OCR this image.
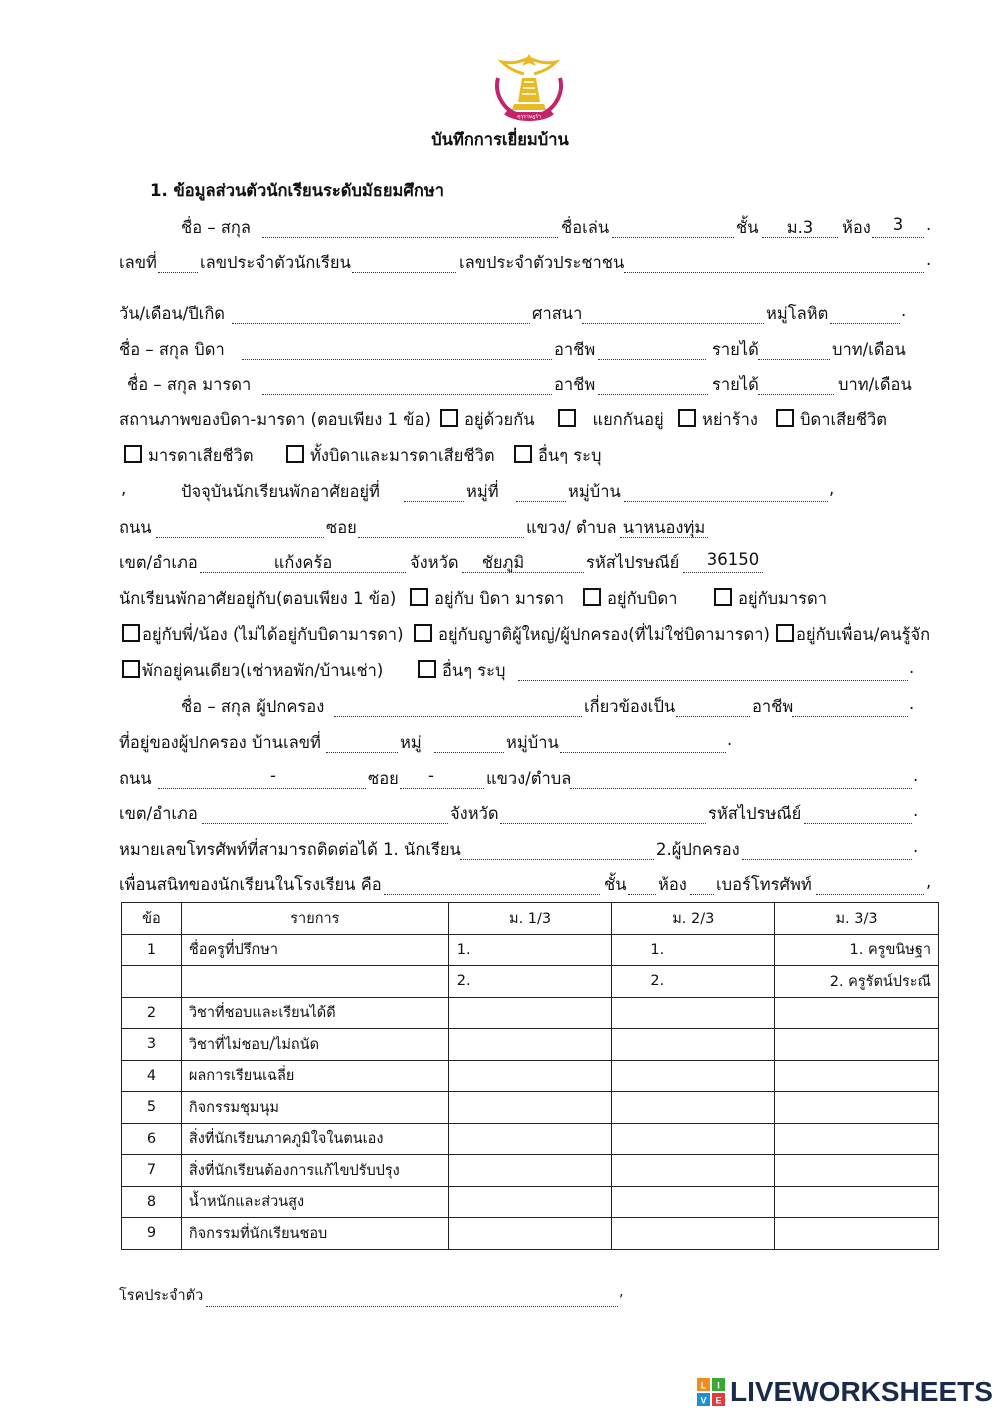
คุรุราษฎร์ฯ
บันทึกการเยี่ยมบ้าน
1. ข้อมูลส่วนตัวนักเรียนระดับมัธยมศึกษา
ชื่อ – สกุล	ชื่อเล่น	ชั้น	ม.3	ห้อง	3	.
เลขที่	เลขประจำตัวนักเรียน	เลขประจำตัวประชาชน	.
วัน/เดือน/ปีเกิด	ศาสนา	หมู่โลหิต	.
ชื่อ – สกุล บิดา	อาชีพ	รายได้	บาท/เดือน
ชื่อ – สกุล มารดา	อาชีพ	รายได้	บาท/เดือน
สถานภาพของบิดา-มารดา (ตอบเพียง 1 ข้อ)	อยู่ด้วยกัน	แยกกันอยู่	หย่าร้าง	บิดาเสียชีวิต
มารดาเสียชีวิต	ทั้งบิดาและมารดาเสียชีวิต	อื่นๆ ระบุ
,	ปัจจุบันนักเรียนพักอาศัยอยู่ที่	หมู่ที่	หมู่บ้าน	,
ถนน	ซอย	แขวง/ ตำบล นาหนองทุ่ม
เขต/อำเภอ	แก้งคร้อ	จังหวัด	ชัยภูมิ	รหัสไปรษณีย์	36150
นักเรียนพักอาศัยอยู่กับ(ตอบเพียง 1 ข้อ)	อยู่กับ บิดา มารดา	อยู่กับบิดา	อยู่กับมารดา
อยู่กับพี่/น้อง (ไม่ได้อยู่กับบิดามารดา)	อยู่กับญาติผู้ใหญ่/ผู้ปกครอง(ที่ไม่ใช่บิดามารดา)	อยู่กับเพื่อน/คนรู้จัก
พักอยู่คนเดียว(เช่าหอพัก/บ้านเช่า)	อื่นๆ ระบุ	.
ชื่อ – สกุล ผู้ปกครอง	เกี่ยวข้องเป็น	อาชีพ	.
ที่อยู่ของผู้ปกครอง บ้านเลขที่	หมู่	หมู่บ้าน	.
ถนน	-	ซอย	-	แขวง/ตำบล	.
เขต/อำเภอ	จังหวัด	รหัสไปรษณีย์	.
หมายเลขโทรศัพท์ที่สามารถติดต่อได้ 1. นักเรียน	2.ผู้ปกครอง	.
เพื่อนสนิทของนักเรียนในโรงเรียน คือ	ชั้น ห้อง เบอร์โทรศัพท์	,
ข้อ	รายการ	ม. 1/3	ม. 2/3	ม. 3/3
1	ชื่อครูที่ปรึกษา	1.	1.	1. ครูขนิษฐา
		2.	2.	2. ครูรัตน์ประณี
2	วิชาที่ชอบและเรียนได้ดี			
3	วิชาที่ไม่ชอบ/ไม่ถนัด			
4	ผลการเรียนเฉลี่ย			
5	กิจกรรมชุมนุม			
6	สิ่งที่นักเรียนภาคภูมิใจในตนเอง			
7	สิ่งที่นักเรียนต้องการแก้ไขปรับปรุง			
8	น้ำหนักและส่วนสูง			
9	กิจกรรมที่นักเรียนชอบ			
โรคประจำตัว	,
L I
V E LIVEWORKSHEETS
